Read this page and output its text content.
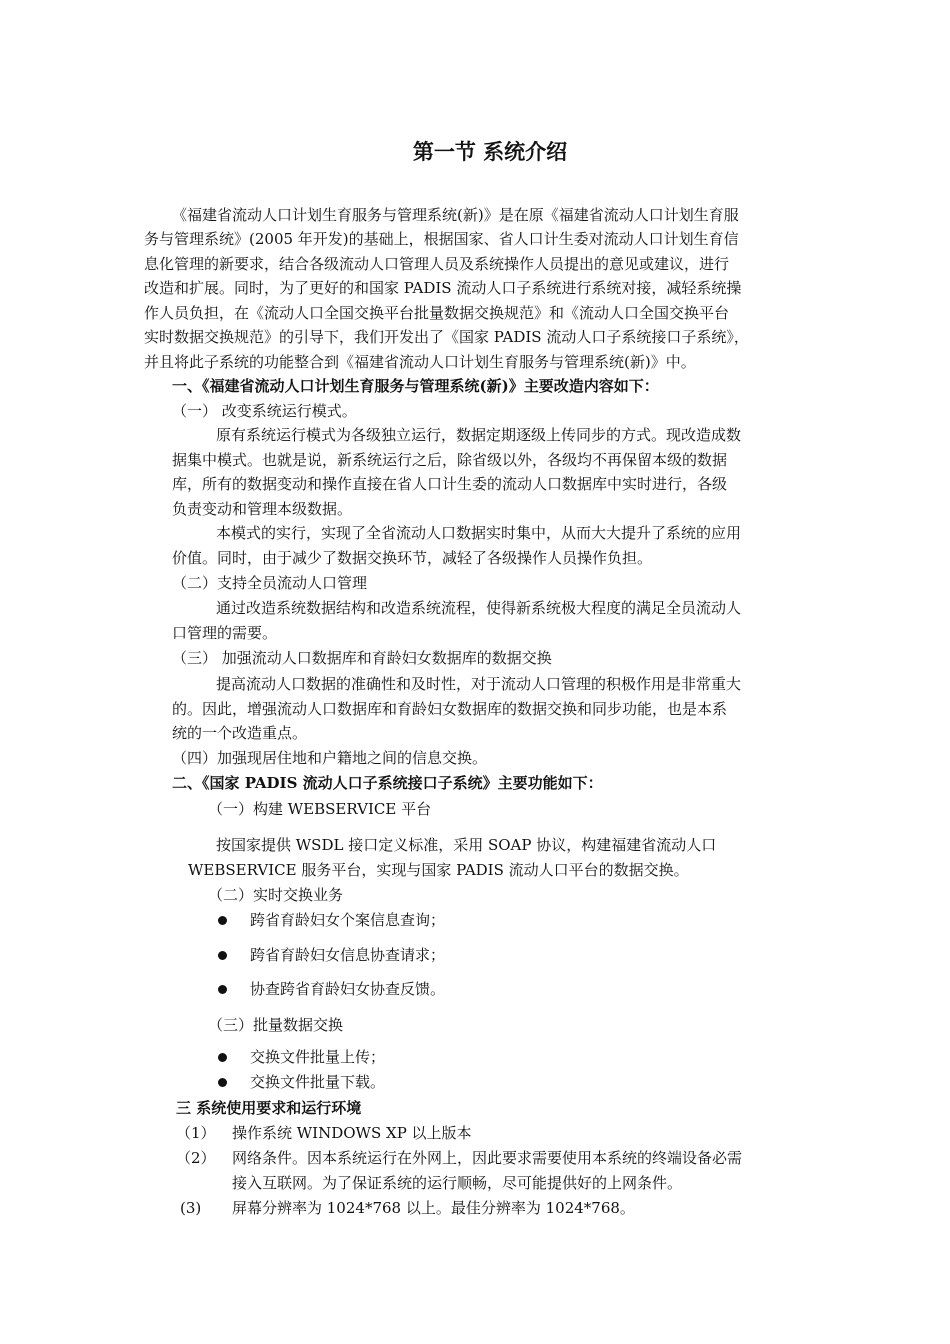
第一节 系统介绍
《福建省流动人口计划生育服务与管理系统(新)》是在原《福建省流动人口计划生育服
务与管理系统》(2005 年开发)的基础上，根据国家、省人口计生委对流动人口计划生育信
息化管理的新要求，结合各级流动人口管理人员及系统操作人员提出的意见或建议，进行
改造和扩展。同时，为了更好的和国家 PADIS 流动人口子系统进行系统对接，减轻系统操
作人员负担，在《流动人口全国交换平台批量数据交换规范》和《流动人口全国交换平台
实时数据交换规范》的引导下，我们开发出了《国家 PADIS 流动人口子系统接口子系统》，
并且将此子系统的功能整合到《福建省流动人口计划生育服务与管理系统(新)》中。
一、《福建省流动人口计划生育服务与管理系统(新)》主要改造内容如下：
（一） 改变系统运行模式。
原有系统运行模式为各级独立运行，数据定期逐级上传同步的方式。现改造成数
据集中模式。也就是说，新系统运行之后，除省级以外，各级均不再保留本级的数据
库，所有的数据变动和操作直接在省人口计生委的流动人口数据库中实时进行，各级
负责变动和管理本级数据。
本模式的实行，实现了全省流动人口数据实时集中，从而大大提升了系统的应用
价值。同时，由于减少了数据交换环节，减轻了各级操作人员操作负担。
（二）支持全员流动人口管理
通过改造系统数据结构和改造系统流程，使得新系统极大程度的满足全员流动人
口管理的需要。
（三） 加强流动人口数据库和育龄妇女数据库的数据交换
提高流动人口数据的准确性和及时性，对于流动人口管理的积极作用是非常重大
的。因此，增强流动人口数据库和育龄妇女数据库的数据交换和同步功能，也是本系
统的一个改造重点。
（四）加强现居住地和户籍地之间的信息交换。
二、《国家 PADIS 流动人口子系统接口子系统》主要功能如下：
（一）构建 WEBSERVICE 平台
按国家提供 WSDL 接口定义标准，采用 SOAP 协议，构建福建省流动人口
WEBSERVICE 服务平台，实现与国家 PADIS 流动人口平台的数据交换。
（二）实时交换业务
跨省育龄妇女个案信息查询；
跨省育龄妇女信息协查请求；
协查跨省育龄妇女协查反馈。
（三）批量数据交换
交换文件批量上传；
交换文件批量下载。
三 系统使用要求和运行环境
（1） 操作系统 WINDOWS XP 以上版本
（2） 网络条件。因本系统运行在外网上，因此要求需要使用本系统的终端设备必需
接入互联网。为了保证系统的运行顺畅，尽可能提供好的上网条件。
(3) 屏幕分辨率为 1024*768 以上。最佳分辨率为 1024*768。
